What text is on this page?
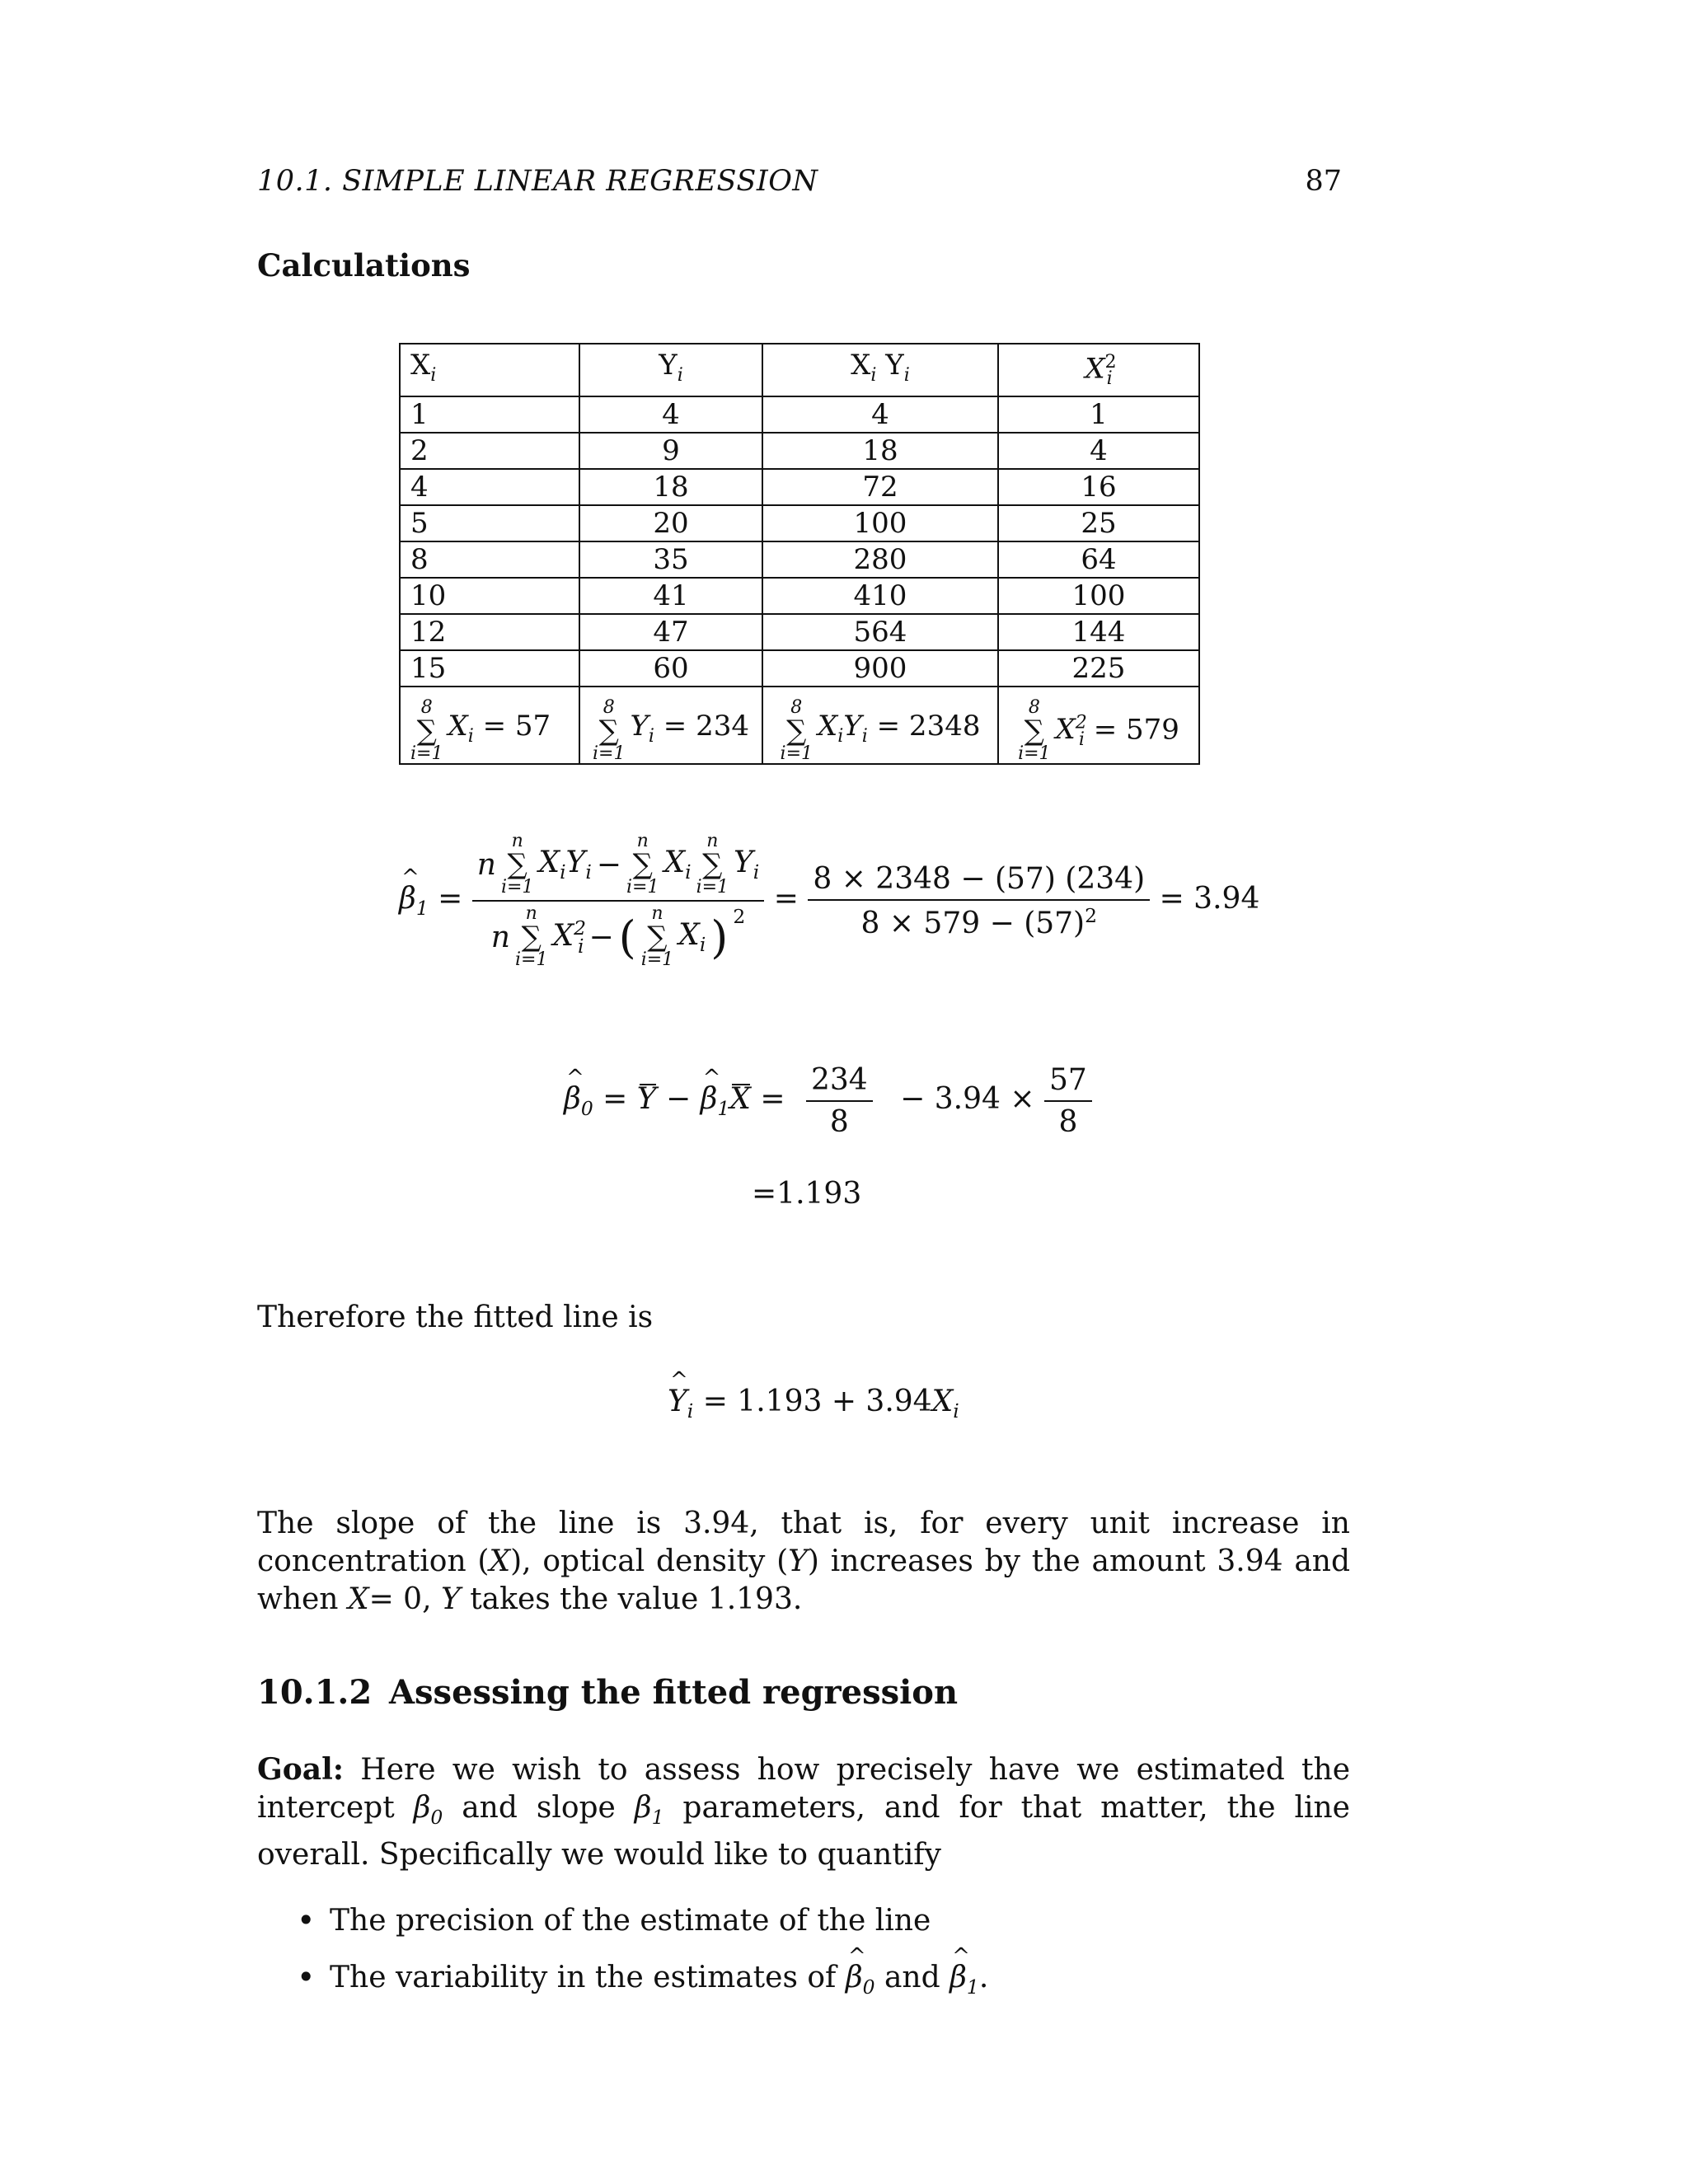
10.1. SIMPLE LINEAR REGRESSION	87
Calculations
$X_i$	$Y_i$	$X_i$ $Y_i$	$X^2_i$
1	4	4	1
2	9	18	4
4	18	72	16
5	20	100	25
8	35	280	64
10	41	410	100
12	47	564	144
15	60	900	225

8
∑
i=1
$X_i = 57$	8
∑
i=1
$Y_i = 234$	8
∑
i=1
$X_iY_i = 2348$	8
∑
i=1
$X^2_i = 579$
^ $\beta_1$ =
n
n
∑
i=1
$X_iY_i$ −
n
∑
i=1
$X_i$
n
∑
i=1
$Y_i$
n
n
∑
i=1
$X^2_i$ − ( n
∑
i=1
$X_i$ ) $^2$
= $\frac{8 \times 2348 - (57) (234)}{8 \times 579 - (57)^2} = 3.94$
^ $\beta_0 = Y$ − ^ $\beta_1X = \frac{234}{8} - 3.94 \times \frac{57}{8}$
=1.193
Therefore the fitted line is
^ $Y_i = 1.193 + 3.94X_i$

The slope of the line is 3.94, that is, for every unit increase in concentration (X), optical density (Y) increases by the amount 3.94 and when X= 0, Y takes the value 1.193.

10.1.2 Assessing the fitted regression

Goal: Here we wish to assess how precisely have we estimated the intercept $\beta_0$ and slope $\beta_1$ parameters, and for that matter, the line overall. Specifically we would like to quantify

• The precision of the estimate of the line
• The variability in the estimates of ^ $\beta_0$ and ^ $\beta_1$.
